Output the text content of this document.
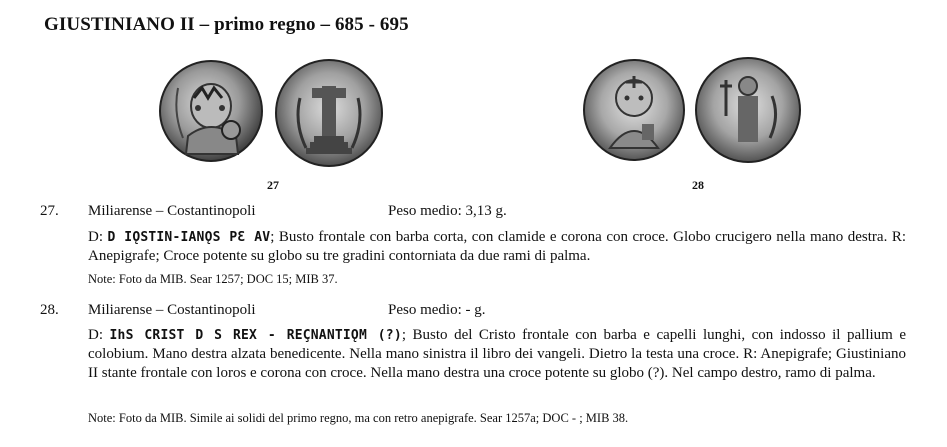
GIUSTINIANO II – primo regno – 685 - 695
27	28
27. Miliarense – Costantinopoli	Peso medio: 3,13 g.
D: D IǪSTIN-IANǪS PƐ AV; Busto frontale con barba corta, con clamide e corona con croce. Globo crucigero nella mano destra. R: Anepigrafe; Croce potente su globo su tre gradini contorniata da due rami di palma.
Note: Foto da MIB. Sear 1257; DOC 15; MIB 37.
28. Miliarense – Costantinopoli	Peso medio: - g.
D: IhS CRIST D S REX - REÇNANTIǪM (?); Busto del Cristo frontale con barba e capelli lunghi, con indosso il pallium e colobium. Mano destra alzata benedicente. Nella mano sinistra il libro dei vangeli. Dietro la testa una croce. R: Anepigrafe; Giustiniano II stante frontale con loros e corona con croce. Nella mano destra una croce potente su globo (?). Nel campo destro, ramo di palma.
Note: Foto da MIB. Simile ai solidi del primo regno, ma con retro anepigrafe. Sear 1257a; DOC - ; MIB 38.
